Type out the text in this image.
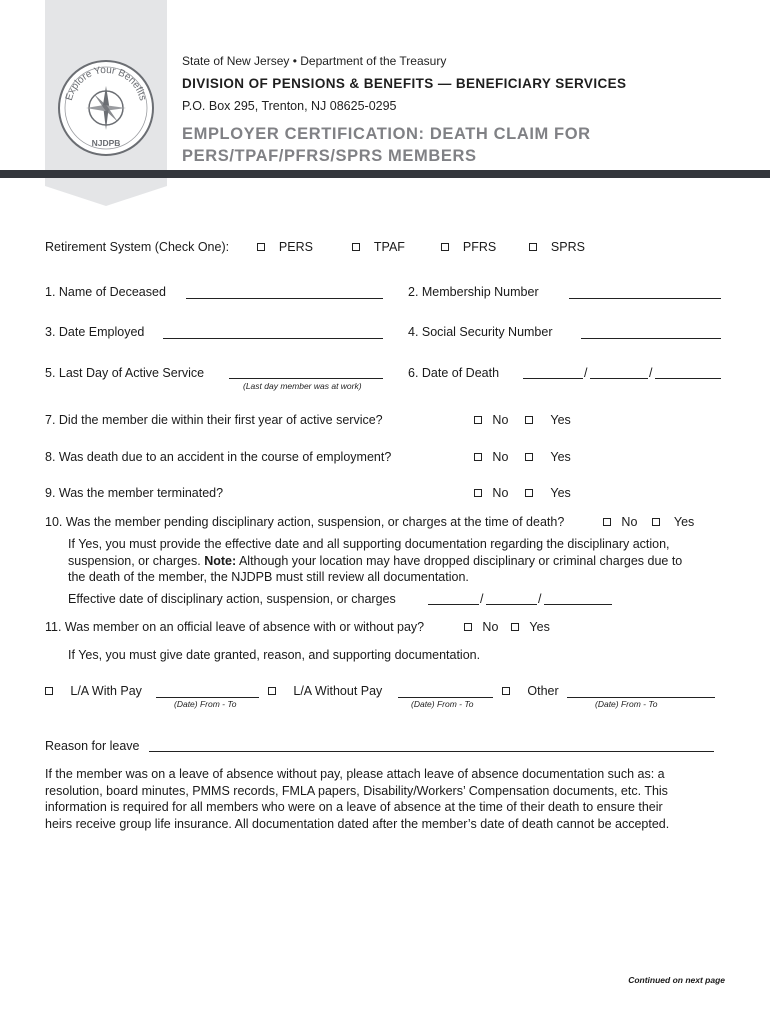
Explore Your Benefits
NJDPB
State of New Jersey • Department of the Treasury
DIVISION OF PENSIONS & BENEFITS — BENEFICIARY SERVICES
P.O. Box 295, Trenton, NJ 08625-0295
EMPLOYER CERTIFICATION: DEATH CLAIM FOR
PERS/TPAF/PFRS/SPRS MEMBERS
Retirement System (Check One):	PERS	TPAF	PFRS	SPRS
1. Name of Deceased	2. Membership Number
3. Date Employed	4. Social Security Number
5. Last Day of Active Service
(Last day member was at work)
6. Date of Death	/	/
7. Did the member die within their first year of active service?	No	Yes
8. Was death due to an accident in the course of employment?	No	Yes
9. Was the member terminated?	No	Yes
10. Was the member pending disciplinary action, suspension, or charges at the time of death?	No	Yes
If Yes, you must provide the effective date and all supporting documentation regarding the disciplinary action,
suspension, or charges. Note: Although your location may have dropped disciplinary or criminal charges due to
the death of the member, the NJDPB must still review all documentation.
Effective date of disciplinary action, suspension, or charges	/	/
11. Was member on an official leave of absence with or without pay?	No	Yes
If Yes, you must give date granted, reason, and supporting documentation.
L/A With Pay
(Date) From - To
L/A Without Pay
(Date) From - To
Other
(Date) From - To
Reason for leave
If the member was on a leave of absence without pay, please attach leave of absence documentation such as: a
resolution, board minutes, PMMS records, FMLA papers, Disability/Workers’ Compensation documents, etc. This
information is required for all members who were on a leave of absence at the time of their death to ensure their
heirs receive group life insurance. All documentation dated after the member’s date of death cannot be accepted.
Continued on next page
